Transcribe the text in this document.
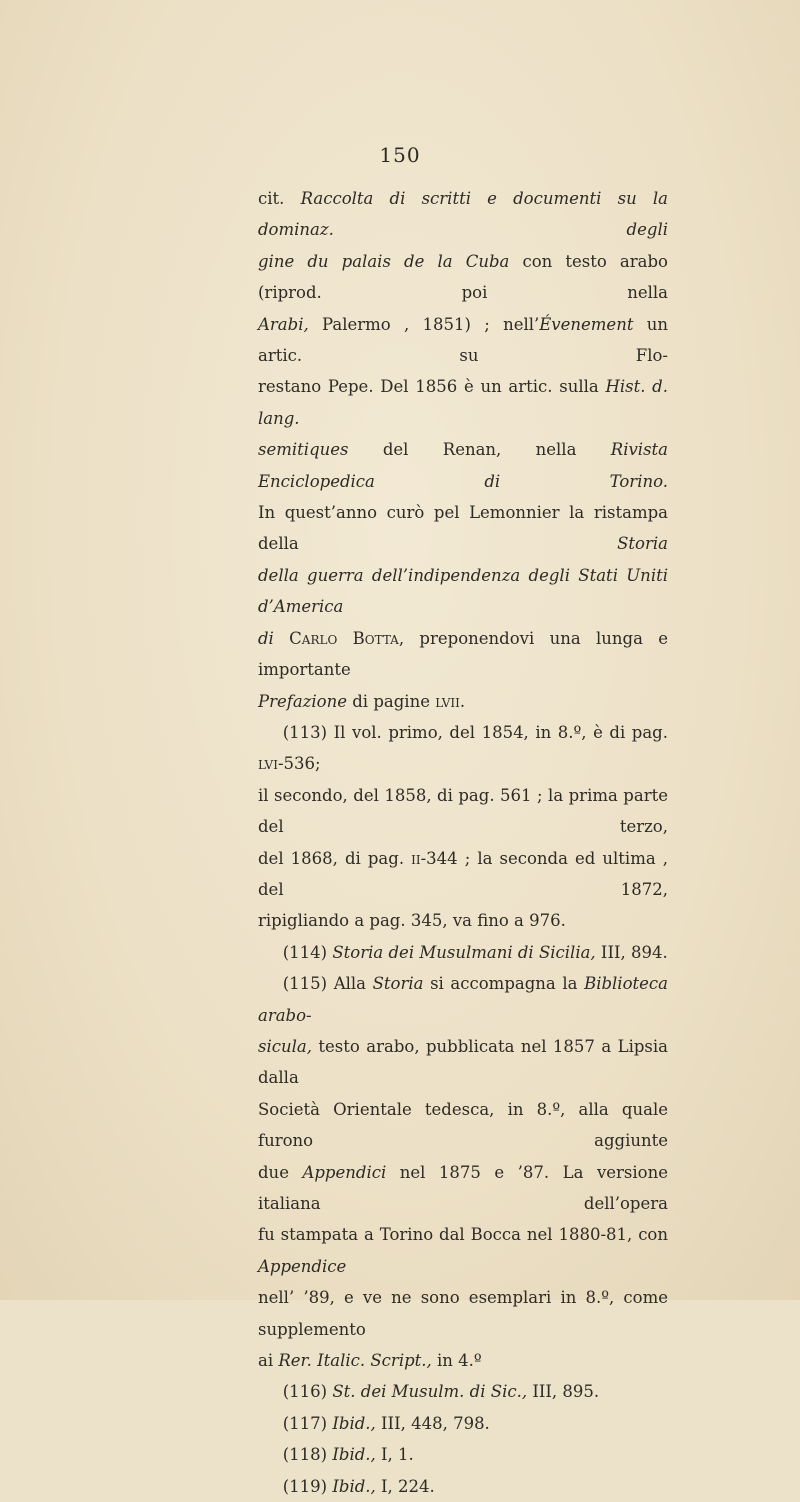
150
cit. Raccolta di scritti e documenti su la dominaz. degli
gine du palais de la Cuba con testo arabo (riprod. poi nella
Arabi, Palermo , 1851) ; nell’Évenement un artic. su Flo-
restano Pepe. Del 1856 è un artic. sulla Hist. d. lang.
semitiques del Renan, nella Rivista Enciclopedica di Torino.
In quest’anno curò pel Lemonnier la ristampa della Storia
della guerra dell’indipendenza degli Stati Uniti d’America
di Carlo Botta, preponendovi una lunga e importante
Prefazione di pagine lvii.
  (113) Il vol. primo, del 1854, in 8.º, è di pag. lvi-536;
il secondo, del 1858, di pag. 561 ; la prima parte del terzo,
del 1868, di pag. ii-344 ; la seconda ed ultima , del 1872,
ripigliando a pag. 345, va fino a 976.
  (114) Storia dei Musulmani di Sicilia, III, 894.
  (115) Alla Storia si accompagna la Biblioteca arabo-
sicula, testo arabo, pubblicata nel 1857 a Lipsia dalla
Società Orientale tedesca, in 8.º, alla quale furono aggiunte
due Appendici nel 1875 e ’87. La versione italiana dell’opera
fu stampata a Torino dal Bocca nel 1880-81, con Appendice
nell’ ’89, e ve ne sono esemplari in 8.º, come supplemento
ai Rer. Italic. Script., in 4.º
  (116) St. dei Musulm. di Sic., III, 895.
  (117) Ibid., III, 448, 798.
  (118) Ibid., I, 1.
  (119) Ibid., I, 224.
